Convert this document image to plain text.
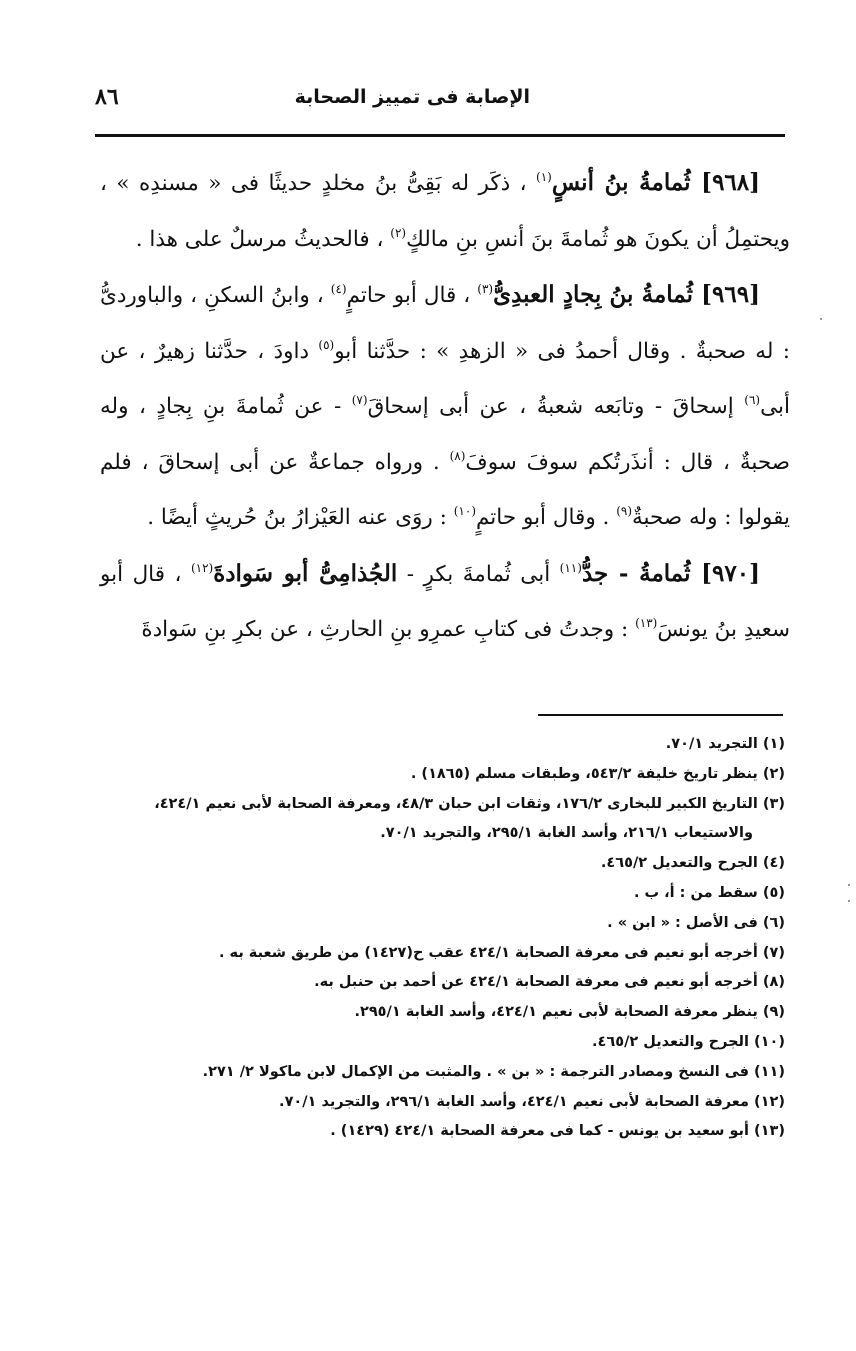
الإصابة فى تمييز الصحابة
٨٦

[٩٦٨] ثُمامةُ بنُ أنسٍ$^{(١)}$ ، ذكَر له بَقِىُّ بنُ مخلدٍ حديثًا فى « مسندِه » ، ويحتمِلُ أن يكونَ هو ثُمامةَ بنَ أنسِ بنِ مالكٍ$^{(٢)}$ ، فالحديثُ مرسلٌ على هذا .

[٩٦٩] ثُمامةُ بنُ بِجادٍ العبدِىُّ$^{(٣)}$ ، قال أبو حاتمٍ$^{(٤)}$ ، وابنُ السكنِ ، والباوردىُّ : له صحبةٌ . وقال أحمدُ فى « الزهدِ » : حدَّثنا أبو$^{(٥)}$ داودَ ، حدَّثنا زهيرٌ ، عن أبى$^{(٦)}$ إسحاقَ - وتابَعه شعبةُ ، عن أبى إسحاقَ$^{(٧)}$ - عن ثُمامةَ بنِ بِجادٍ ، وله صحبةٌ ، قال : أنذَرتُكم سوفَ سوفَ$^{(٨)}$ . ورواه جماعةٌ عن أبى إسحاقَ ، فلم يقولوا : وله صحبةٌ$^{(٩)}$ . وقال أبو حاتمٍ$^{(١٠)}$ : روَى عنه العَيْزارُ بنُ حُريثٍ أيضًا .

[٩٧٠] ثُمامةُ - جدُّ$^{(١١)}$ أبى ثُمامةَ بكرٍ - الجُذامِىُّ أبو سَوادةَ$^{(١٢)}$ ، قال أبو سعيدِ بنُ يونسَ$^{(١٣)}$ : وجدتُ فى كتابِ عمرِو بنِ الحارثِ ، عن بكرِ بنِ سَوادةَ

(١) التجريد ٧٠/١.
(٢) ينظر تاريخ خليفة ٥٤٣/٢، وطبقات مسلم (١٨٦٥) .
(٣) التاريخ الكبير للبخارى ١٧٦/٢، وثقات ابن حبان ٤٨/٣، ومعرفة الصحابة لأبى نعيم ٤٢٤/١،
والاستيعاب ٢١٦/١، وأسد الغابة ٢٩٥/١، والتجريد ٧٠/١.
(٤) الجرح والتعديل ٤٦٥/٢.
(٥) سقط من : أ، ب .
(٦) فى الأصل : « ابن » .
(٧) أخرجه أبو نعيم فى معرفة الصحابة ٤٢٤/١ عقب ح(١٤٢٧) من طريق شعبة به .
(٨) أخرجه أبو نعيم فى معرفة الصحابة ٤٢٤/١ عن أحمد بن حنبل به.
(٩) ينظر معرفة الصحابة لأبى نعيم ٤٢٤/١، وأسد الغابة ٢٩٥/١.
(١٠) الجرح والتعديل ٤٦٥/٢.
(١١) فى النسخ ومصادر الترجمة : « بن » . والمثبت من الإكمال لابن ماكولا ٢/ ٢٧١.
(١٢) معرفة الصحابة لأبى نعيم ٤٢٤/١، وأسد الغابة ٢٩٦/١، والتجريد ٧٠/١.
(١٣) أبو سعيد بن يونس - كما فى معرفة الصحابة ٤٢٤/١ (١٤٢٩) .
